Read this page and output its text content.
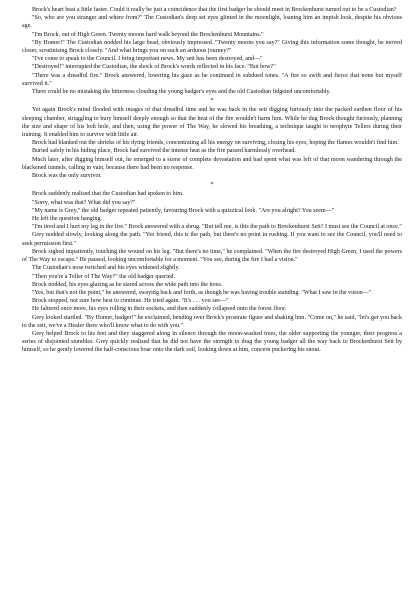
Brock's heart beat a little faster. Could it really be just a coincidence that the first badger he should meet in Brockenhurst turned out to be a Custodian?

"So, who are you stranger and where from?" The Custodian's deep set eyes glinted in the moonlight, loaning him an impish look, despite his obvious age.

"I'm Brock, out of High Green. Twenty moons hard walk beyond the Brockenhurst Mountains."

"By Homer!" The Custodian nodded his large head, obviously impressed. "Twenty moons you say?" Giving this information some thought, he moved closer, scrutinising Brock closely. "And what brings you on such an arduous journey?"

"I've come to speak to the Council. I bring important news. My sett has been destroyed, and—"

"Destroyed!" interrupted the Custodian, the shock of Brock's words reflected in his face. "But how?"

"There was a dreadful fire." Brock answered, lowering his gaze as he continued in subdued tones. "A fire so swift and fierce that none but myself survived it."

There could be no mistaking the bitterness clouding the young badger's eyes and the old Custodian fidgeted uncomfortably.

*

Yet again Brock's mind flooded with images of that dreadful time and he was back in the sett digging furiously into the packed earthen floor of his sleeping chamber, struggling to bury himself deeply enough so that the heat of the fire wouldn't harm him. While he dug Brock thought furiously, planning the size and shape of his bolt hole, and then, using the power of The Way, he slowed his breathing, a technique taught to neophyte Tellers during their training. It enabled him to survive with little air.

Brock had blanked out the shrieks of his dying friends, concentrating all his energy on surviving, closing his eyes, hoping the flames wouldn't find him.

Buried safely in his hiding place, Brock had survived the intense heat as the fire passed harmlessly overhead.

Much later, after digging himself out, he emerged to a scene of complete devastation and had spent what was left of that moon wandering through the blackened tunnels, calling in vain, because there had been no response.

Brock was the only survivor.

*

Brock suddenly realised that the Custodian had spoken to him.

"Sorry, what was that? What did you say?"

"My name is Grey," the old badger repeated patiently, favouring Brock with a quizzical look. "Are you alright? You seem—"

He left the question hanging.

"I'm tired and I hurt my leg in the fire." Brock answered with a shrug. "But tell me, is this the path to Brockenhurst Sett? I must see the Council at once."

Grey nodded slowly, looking along the path. "Yes friend, this is the path, but there's no point in rushing. If you want to see the Council, you'll need to seek permission first."

Brock sighed impatiently, touching the wound on his leg. "But there's no time," he complained. "When the fire destroyed High Green, I used the powers of The Way to escape." He paused, looking uncomfortable for a moment. "You see, during the fire I had a vision."

The Custodian's nose twitched and his eyes widened slightly.

"Then you're a Teller of The Way?" the old badger queried.

Brock nodded, his eyes glazing as he stared across the wide path into the trees.

"Yes, but that's not the point," he answered, swaying back and forth, as though he was having trouble standing. "What I saw in the vision—"

Brock stopped, not sure how best to continue. He tried again. "It's . . . you see—"

He faltered once more, his eyes rolling in their sockets, and then suddenly collapsed onto the forest floor.

Grey looked startled. "By Homer, badger!" he exclaimed, bending over Brock's prostrate figure and shaking him. "Come on," he said, "let's get you back to the sett, we've a Healer there who'll know what to do with you."

Grey helped Brock to his feet and they staggered along in silence through the moon-washed trees, the older supporting the younger, their progress a series of disjointed stumbles. Grey quickly realised that he did not have the strength to drag the young badger all the way back to Brockenhurst Sett by himself, so he gently lowered the half-conscious boar onto the dark soil, looking down at him, concern puckering his snout.
